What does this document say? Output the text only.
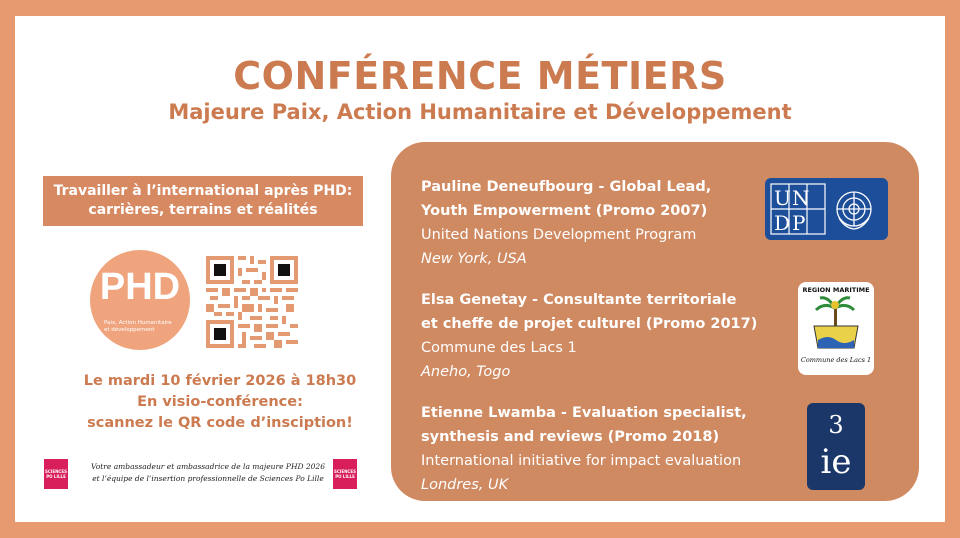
CONFÉRENCE MÉTIERS
Majeure Paix, Action Humanitaire et Développement
Travailler à l’international après PHD:
carrières, terrains et réalités
PHD
Paix, Action Humanitaire et développement
Le mardi 10 février 2026 à 18h30
En visio-conférence:
scannez le QR code d’insciption!
SCIENCES PO LILLE
Votre ambassadeur et ambassadrice de la majeure PHD 2026
et l’équipe de l’insertion professionnelle de Sciences Po Lille
SCIENCES PO LILLE
Pauline Deneufbourg - Global Lead,
Youth Empowerment (Promo 2007)
United Nations Development Program
New York, USA
Elsa Genetay - Consultante territoriale
et cheffe de projet culturel (Promo 2017)
Commune des Lacs 1
Aneho, Togo
Etienne Lwamba - Evaluation specialist,
synthesis and reviews (Promo 2018)
International initiative for impact evaluation
Londres, UK
U N
D P
REGION MARITIME
Commune des Lacs 1
3
ie
